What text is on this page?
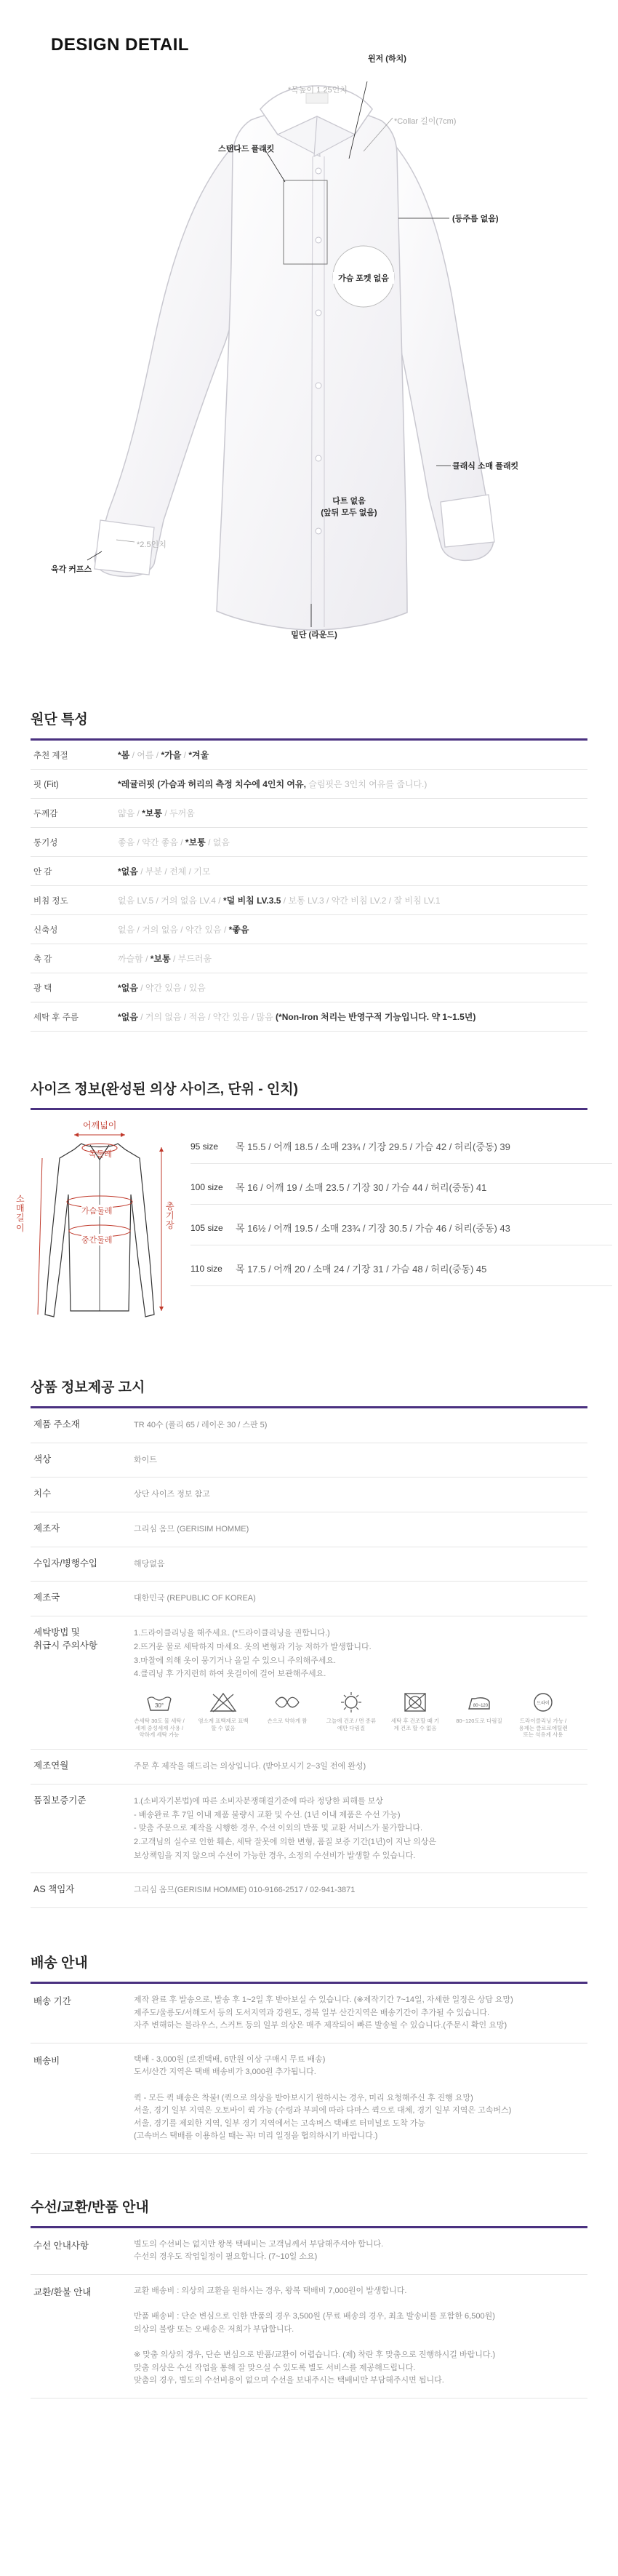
DESIGN DETAIL
윈저 (하치)
*목높이 1.25인치
*Collar 길이(7cm)
스탠다드 플래킷
(등주름 없음)
가슴 포켓 없음
클래식 소매 플래킷
다트 없음
(앞뒤 모두 없음)
*2.5인치
육각 커프스
밑단 (라운드)
원단 특성
추천 계절	*봄 / 여름 / *가을 / *겨울
핏 (Fit)	*레귤러핏 (가슴과 허리의 측정 치수에 4인치 여유, 슬림핏은 3인치 여유를 줍니다.)
두께감	얇음 / *보통 / 두꺼움
통기성	좋음 / 약간 좋음 / *보통 / 없음
안 감	*없음 / 부분 / 전체 / 기모
비침 정도	없음 LV.5 / 거의 없음 LV.4 / *덜 비침 LV.3.5 / 보통 LV.3 / 약간 비침 LV.2 / 잘 비침 LV.1
신축성	없음 / 거의 없음 / 약간 있음 / *좋음
촉 감	까슬함 / *보통 / 부드러움
광 택	*없음 / 약간 있음 / 있음
세탁 후 주름	*없음 / 거의 없음 / 적음 / 약간 있음 / 많음 (*Non-Iron 처리는 반영구적 기능입니다. 약 1~1.5년)
사이즈 정보(완성된 의상 사이즈, 단위 - 인치)
어깨넓이
목둘레
가슴둘레
중간둘레
소매길이
총기장
95 size	목 15.5 / 어깨 18.5 / 소매 23¾ / 기장 29.5 / 가슴 42 / 허리(중동) 39
100 size	목 16 / 어깨 19 / 소매 23.5 / 기장 30 / 가슴 44 / 허리(중동) 41
105 size	목 16½ / 어깨 19.5 / 소매 23¾ / 기장 30.5 / 가슴 46 / 허리(중동) 43
110 size	목 17.5 / 어깨 20 / 소매 24 / 기장 31 / 가슴 48 / 허리(중동) 45
상품 정보제공 고시
제품 주소재	TR 40수 (폴리 65 / 레이온 30 / 스판 5)
색상	화이트
치수	상단 사이즈 정보 참고
제조자	그리심 옴므 (GERISIM HOMME)
수입자/병행수입	해당없음
제조국	대한민국 (REPUBLIC OF KOREA)
세탁방법 및
취급시 주의사항
1.드라이클리닝을 해주세요. (*드라이클리닝을 권합니다.)
2.뜨거운 물로 세탁하지 마세요. 옷의 변형과 기능 저하가 발생합니다.
3.마찰에 의해 옷이 뭉기거나 올일 수 있으니 주의해주세요.
4.클리닝 후 가지런히 하여 옷걸이에 걸어 보관해주세요.
30°
손세탁 30도 물 세탁 / 세제 중성세제 사용 / 약하게 세탁 가능
염소계 표백제로 표백 할 수 없음
손으로 약하게 짬	그늘에 건조 / 면 종류에만 다림질
세탁 후 건조할 때 기계 건조 할 수 없음
80~120
80~120도로 다림질
드라이
드라이클리닝 가능 / 용제는 클로로에틸렌 또는 석유계 사용
제조연월	주문 후 제작을 해드리는 의상입니다. (받아보시기 2~3일 전에 완성)
품질보증기준	1.(소비자기본법)에 따른 소비자분쟁해결기준에 따라 정당한 피해를 보상
- 배송완료 후 7일 이내 제품 불량시 교환 및 수선. (1년 이내 제품은 수선 가능)
- 맞춤 주문으로 제작을 시행한 경우, 수선 이외의 반품 및 교환 서비스가 불가합니다.
2.고객님의 실수로 인한 훼손, 세탁 잘못에 의한 변형, 품질 보증 기간(1년)이 지난 의상은
보상책임을 지지 않으며 수선이 가능한 경우, 소정의 수선비가 발생할 수 있습니다.
AS 책임자	그리심 옴므(GERISIM HOMME) 010-9166-2517 / 02-941-3871
배송 안내
배송 기간	제작 완료 후 발송으로, 발송 후 1~2일 후 받아보실 수 있습니다. (※제작기간 7~14일, 자세한 일정은 상담 요망)
제주도/울릉도/서해도서 등의 도서지역과 강원도, 경북 일부 산간지역은 배송기간이 추가될 수 있습니다.
자주 변해하는 블라우스, 스커트 등의 일부 의상은 매주 제작되어 빠른 발송될 수 있습니다.(주문시 확인 요망)
배송비	택배 - 3,000원 (로젠택배, 6만원 이상 구매시 무료 배송)
도서/산간 지역은 택배 배송비가 3,000원 추가됩니다.

퀵 - 모든 퀵 배송은 착불! (퀵으로 의상을 받아보시기 원하시는 경우, 미리 요청해주신 후 진행 요망)
서울, 경기 일부 지역은 오토바이 퀵 가능 (수령과 부피에 따라 다마스 퀵으로 대체, 경기 일부 지역은 고속버스)
서울, 경기를 제외한 지역, 일부 경기 지역에서는 고속버스 택배로 터미널로 도착 가능
(고속버스 택배를 이용하실 때는 꼭! 미리 일정을 협의하시기 바랍니다.)
수선/교환/반품 안내
수선 안내사항	별도의 수선비는 없지만 왕복 택배비는 고객님께서 부담해주셔야 합니다.
수선의 경우도 작업일정이 필요합니다. (7~10일 소요)
교환/환불 안내	교환 배송비 : 의상의 교환을 원하시는 경우, 왕복 택배비 7,000원이 발생합니다.

반품 배송비 : 단순 변심으로 인한 반품의 경우 3,500원 (무료 배송의 경우, 최초 발송비를 포함한 6,500원)
의상의 불량 또는 오배송은 저희가 부담합니다.

※ 맞춤 의상의 경우, 단순 변심으로 반품/교환이 어렵습니다. (제) 착란 후 맞춤으로 진행하시길 바랍니다.)
맞춤 의상은 수선 작업을 통해 잘 맞으실 수 있도록 별도 서비스를 제공해드립니다.
맞춤의 경우, 별도의 수선비용이 없으며 수선을 보내주시는 택배비만 부담해주시면 됩니다.
